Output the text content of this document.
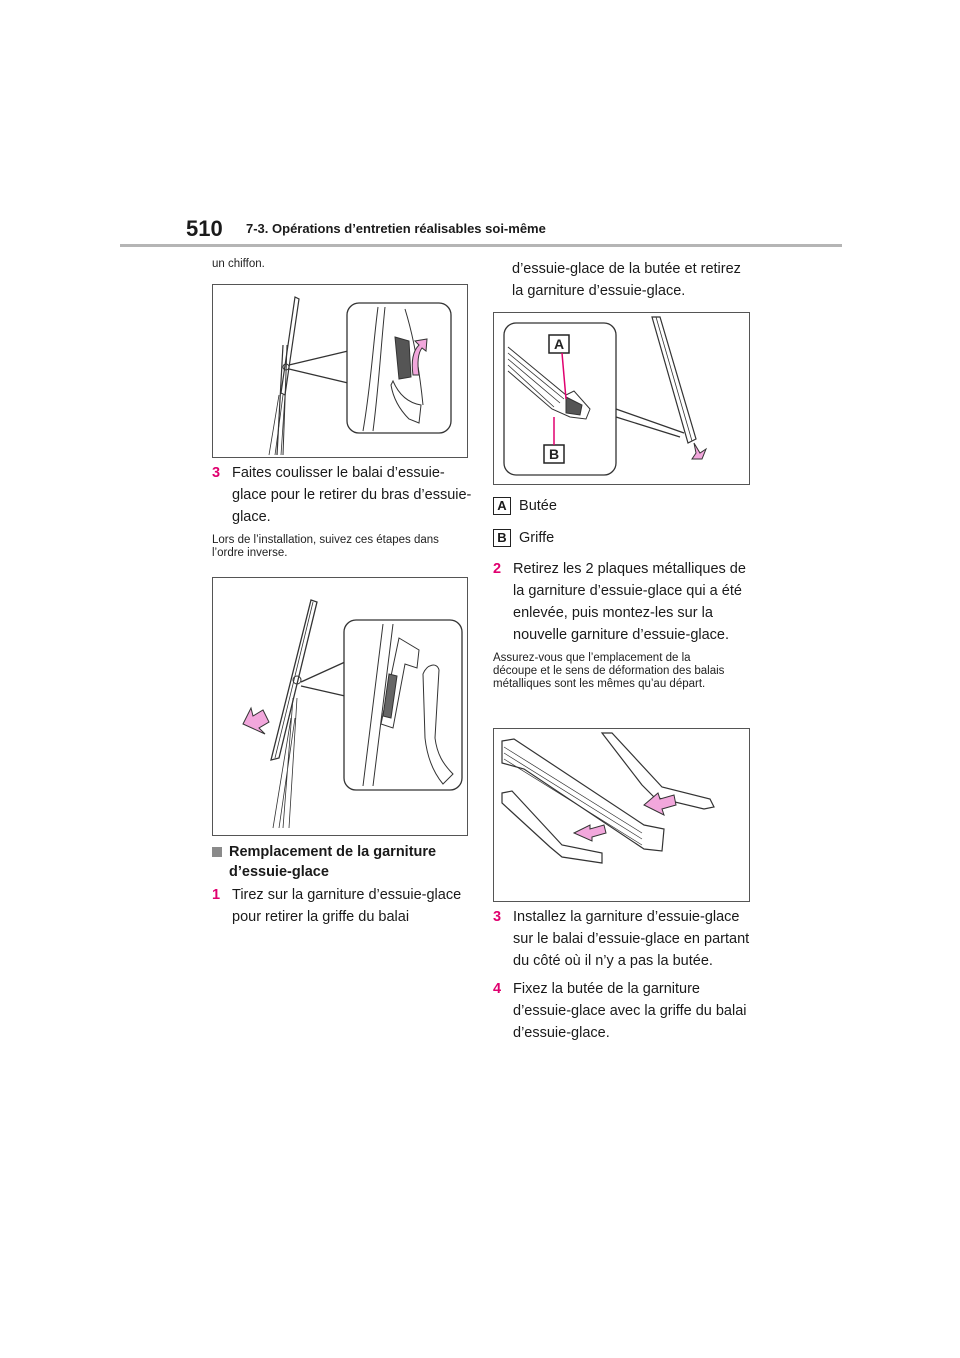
510 7-3. Opérations d’entretien réalisables soi-même
un chiffon.
3 Faites coulisser le balai d’essuie-glace pour le retirer du bras d’essuie-glace.
Lors de l’installation, suivez ces étapes dans l’ordre inverse.
Remplacement de la garniture d’essuie-glace
1 Tirez sur la garniture d’essuie-glace pour retirer la griffe du balai
d’essuie-glace de la butée et retirez la garniture d’essuie-glace.
A
B
A Butée
B Griffe
2 Retirez les 2 plaques métalliques de la garniture d’essuie-glace qui a été enlevée, puis montez-les sur la nouvelle garniture d’essuie-glace.
Assurez-vous que l’emplacement de la découpe et le sens de déformation des balais métalliques sont les mêmes qu’au départ.
3 Installez la garniture d’essuie-glace sur le balai d’essuie-glace en partant du côté où il n’y a pas la butée.
4 Fixez la butée de la garniture d’essuie-glace avec la griffe du balai d’essuie-glace.
